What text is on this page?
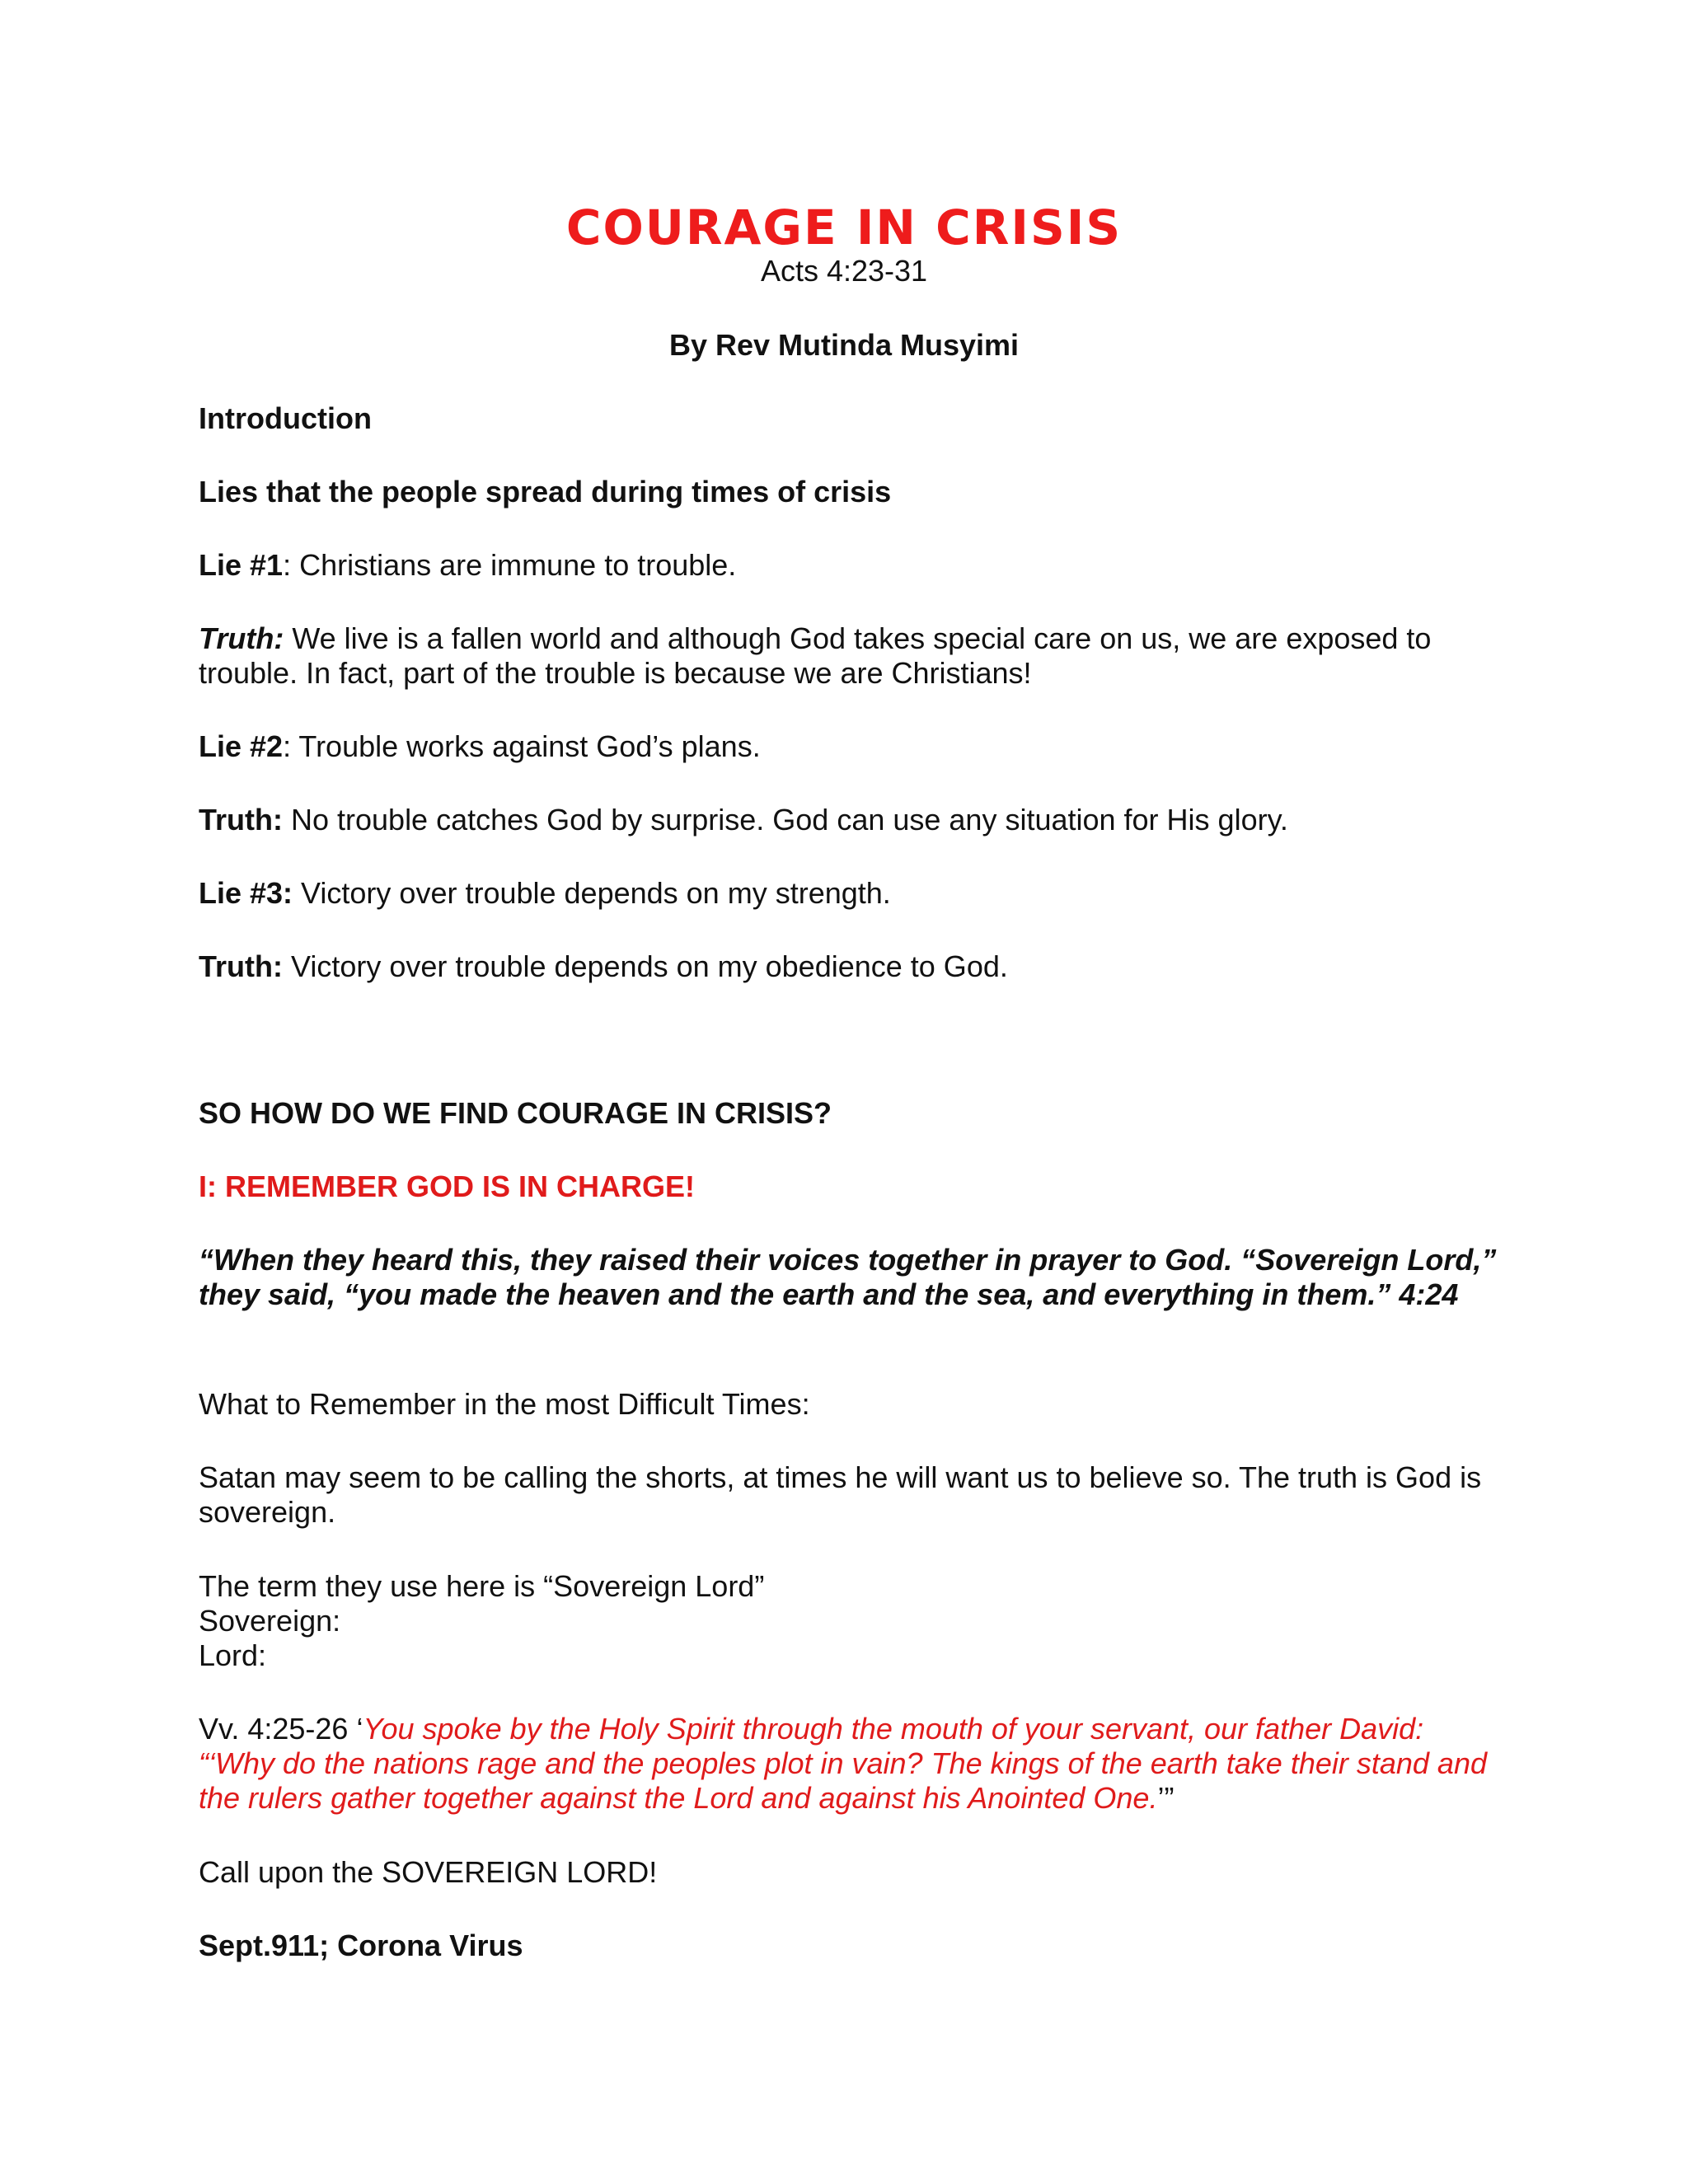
COURAGE IN CRISIS
Acts 4:23-31
By Rev Mutinda Musyimi

Introduction

Lies that the people spread during times of crisis

Lie #1: Christians are immune to trouble.

Truth: We live is a fallen world and although God takes special care on us, we are exposed to trouble. In fact, part of the trouble is because we are Christians!

Lie #2: Trouble works against God’s plans.

Truth: No trouble catches God by surprise. God can use any situation for His glory.

Lie #3: Victory over trouble depends on my strength.

Truth: Victory over trouble depends on my obedience to God.

SO HOW DO WE FIND COURAGE IN CRISIS?

I: REMEMBER GOD IS IN CHARGE!

“When they heard this, they raised their voices together in prayer to God. “Sovereign Lord,” they said, “you made the heaven and the earth and the sea, and everything in them.” 4:24

What to Remember in the most Difficult Times:

Satan may seem to be calling the shorts, at times he will want us to believe so. The truth is God is sovereign.

The term they use here is “Sovereign Lord”

Sovereign:

Lord:

Vv. 4:25-26 ‘You spoke by the Holy Spirit through the mouth of your servant, our father David: “‘Why do the nations rage and the peoples plot in vain? The kings of the earth take their stand and the rulers gather together against the Lord and against his Anointed One.’”

Call upon the SOVEREIGN LORD!

Sept.911; Corona Virus
